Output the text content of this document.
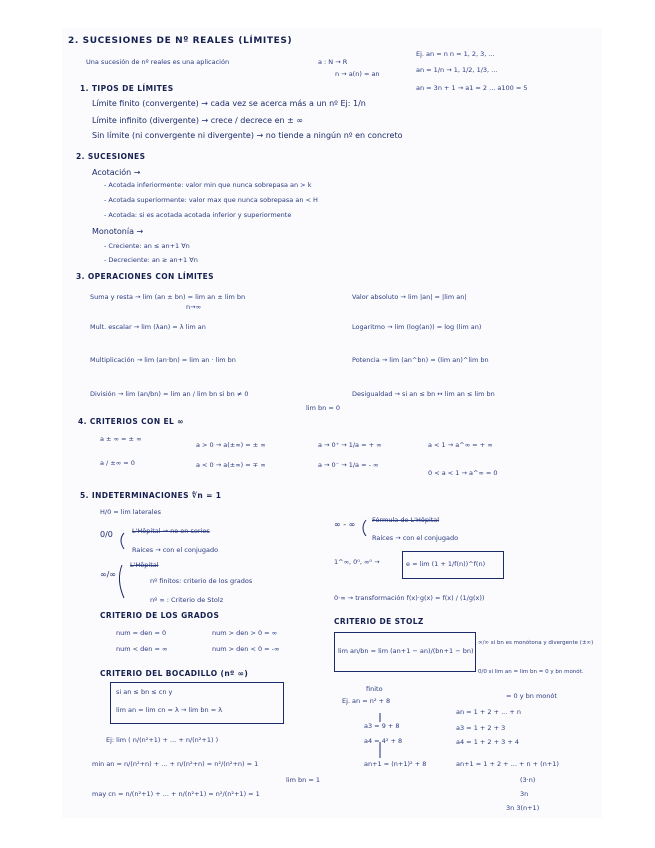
2. SUCESIONES DE Nº REALES (LÍMITES)
Una sucesión de nº reales es una aplicación	a : N → R
n → a(n) = an
Ej. an = n n = 1, 2, 3, ...
an = 1/n → 1, 1/2, 1/3, ...
an = 3n + 1 → a1 = 2 ... a100 = 5
1. TIPOS DE LÍMITES
Límite finito (convergente) → cada vez se acerca más a un nº Ej: 1/n
Límite infinito (divergente) → crece / decrece en ± ∞
Sin límite (ni convergente ni divergente) → no tiende a ningún nº en concreto
2. SUCESIONES
Acotación →
- Acotada inferiormente: valor min que nunca sobrepasa an > k
- Acotada superiormente: valor max que nunca sobrepasa an < H
- Acotada: si es acotada acotada inferior y superiormente
Monotonía →
- Creciente: an ≤ an+1 ∀n
- Decreciente: an ≥ an+1 ∀n
3. OPERACIONES CON LÍMITES
Suma y resta → lim (an ± bn) = lim an ± lim bn	Valor absoluto → lim |an| = |lim an|
Mult. escalar → lim (λan) = λ lim an	Logaritmo → lim (log(an)) = log (lim an)
Multiplicación → lim (an·bn) = lim an · lim bn	Potencia → lim (an^bn) = (lim an)^lim bn
División → lim (an/bn) = lim an / lim bn si bn ≠ 0	Desigualdad → si an ≤ bn ↔ lim an ≤ lim bn
n→∞
lim bn = 0
4. CRITERIOS CON EL ∞
a ± ∞ = ± ∞
a > 0 → a(±∞) = ± ∞	a → 0⁺ → 1/a = + ∞	a < 1 → a^∞ = + ∞
a / ±∞ = 0	a < 0 → a(±∞) = ∓ ∞	a → 0⁻ → 1/a = - ∞
0 < a < 1 → a^∞ = 0
5. INDETERMINACIONES ∜n = 1
H/0 = lim laterales
L'Hôpital → no en series
Raíces → con el conjugado
0/0
∞/∞
L'Hôpital
nº finitos: criterio de los grados
nº ∞ : Criterio de Stolz
∞ - ∞	Fórmula de L'Hôpital
Raíces → con el conjugado
1^∞, 0⁰, ∞⁰ →	e = lim (1 + 1/f(n))^f(n)
0·∞ → transformación f(x)·g(x) = f(x) / (1/g(x))
CRITERIO DE LOS GRADOS
num = den = 0	num > den > 0 = ∞
num < den = ∞	num > den < 0 = -∞
CRITERIO DE STOLZ
lim an/bn = lim (an+1 − an)/(bn+1 − bn)
∞/∞ si bn es monótona y divergente (±∞)
0/0 si lim an = lim bn = 0 y bn monót.
CRITERIO DEL BOCADILLO (nº ∞)
si an ≤ bn ≤ cn y
lim an = lim cn = λ → lim bn = λ
Ej: lim ( n/(n²+1) + ... + n/(n²+1) )
min an = n/(n²+n) + ... + n/(n²+n) = n²/(n²+n) = 1
may cn = n/(n²+1) + ... + n/(n²+1) = n²/(n²+1) = 1
lim bn = 1
finito
Ej. an = n² + 8
a3 = 9 + 8
a4 = 4² + 8
an+1 = (n+1)² + 8
= 0 y bn monót
an = 1 + 2 + ... + n
a3 = 1 + 2 + 3
a4 = 1 + 2 + 3 + 4
an+1 = 1 + 2 + ... + n + (n+1)
(3·n)
3n
3n 3(n+1)
